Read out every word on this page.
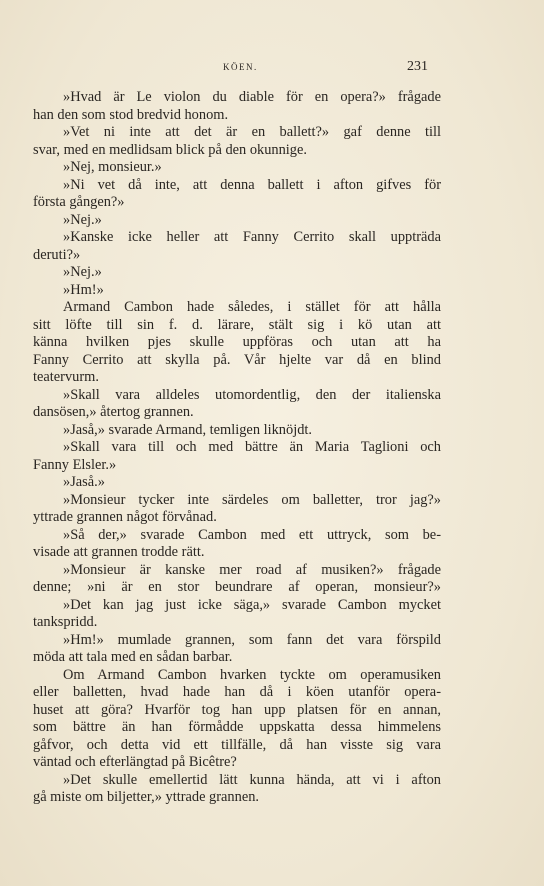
KÖEN.	231
»Hvad är Le violon du diable för en opera?» frågade
han den som stod bredvid honom.
»Vet ni inte att det är en ballett?» gaf denne till
svar, med en medlidsam blick på den okunnige.
»Nej, monsieur.»
»Ni vet då inte, att denna ballett i afton gifves för
första gången?»
»Nej.»
»Kanske icke heller att Fanny Cerrito skall uppträda
deruti?»
»Nej.»
»Hm!»
Armand Cambon hade således, i stället för att hålla
sitt löfte till sin f. d. lärare, stält sig i kö utan att
känna hvilken pjes skulle uppföras och utan att ha
Fanny Cerrito att skylla på. Vår hjelte var då en blind
teatervurm.
»Skall vara alldeles utomordentlig, den der italienska
dansösen,» återtog grannen.
»Jaså,» svarade Armand, temligen liknöjdt.
»Skall vara till och med bättre än Maria Taglioni och
Fanny Elsler.»
»Jaså.»
»Monsieur tycker inte särdeles om balletter, tror jag?»
yttrade grannen något förvånad.
»Så der,» svarade Cambon med ett uttryck, som be-
visade att grannen trodde rätt.
»Monsieur är kanske mer road af musiken?» frågade
denne; »ni är en stor beundrare af operan, monsieur?»
»Det kan jag just icke säga,» svarade Cambon mycket
tankspridd.
»Hm!» mumlade grannen, som fann det vara förspild
möda att tala med en sådan barbar.
Om Armand Cambon hvarken tyckte om operamusiken
eller balletten, hvad hade han då i köen utanför opera-
huset att göra? Hvarför tog han upp platsen för en annan,
som bättre än han förmådde uppskatta dessa himmelens
gåfvor, och detta vid ett tillfälle, då han visste sig vara
väntad och efterlängtad på Bicêtre?
»Det skulle emellertid lätt kunna hända, att vi i afton
gå miste om biljetter,» yttrade grannen.
